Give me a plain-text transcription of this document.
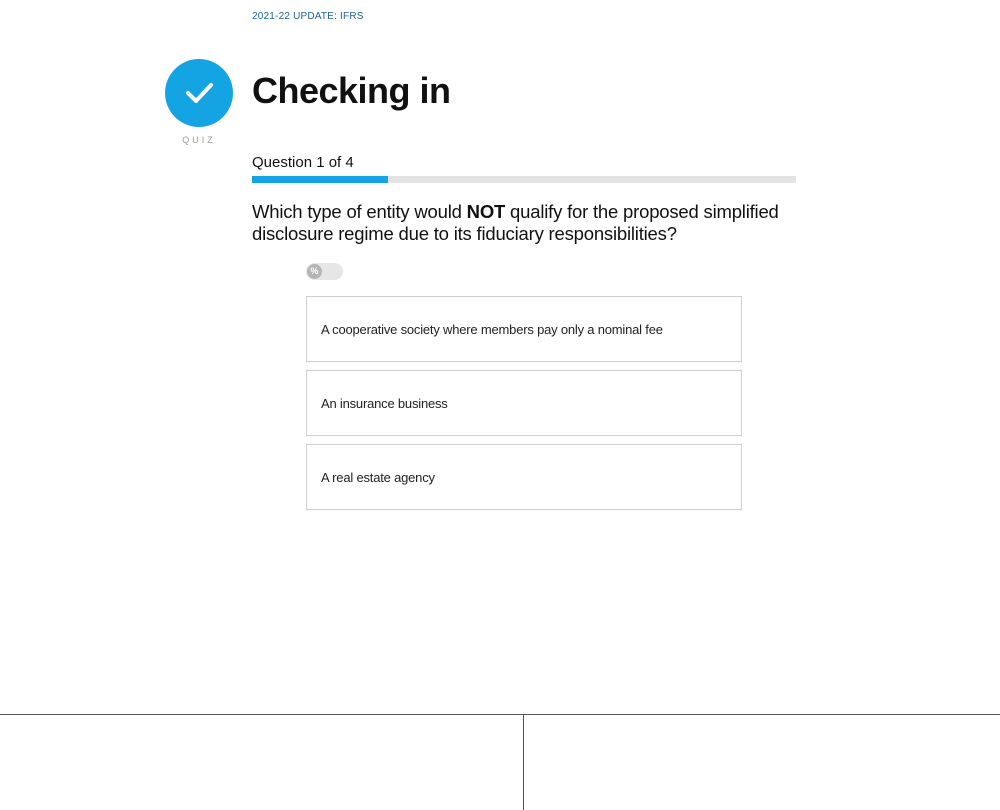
2021-22 UPDATE: IFRS
QUIZ
Checking in
Question 1 of 4
Which type of entity would NOT qualify for the proposed simplified disclosure regime due to its fiduciary responsibilities?
%
A cooperative society where members pay only a nominal fee
An insurance business
A real estate agency
